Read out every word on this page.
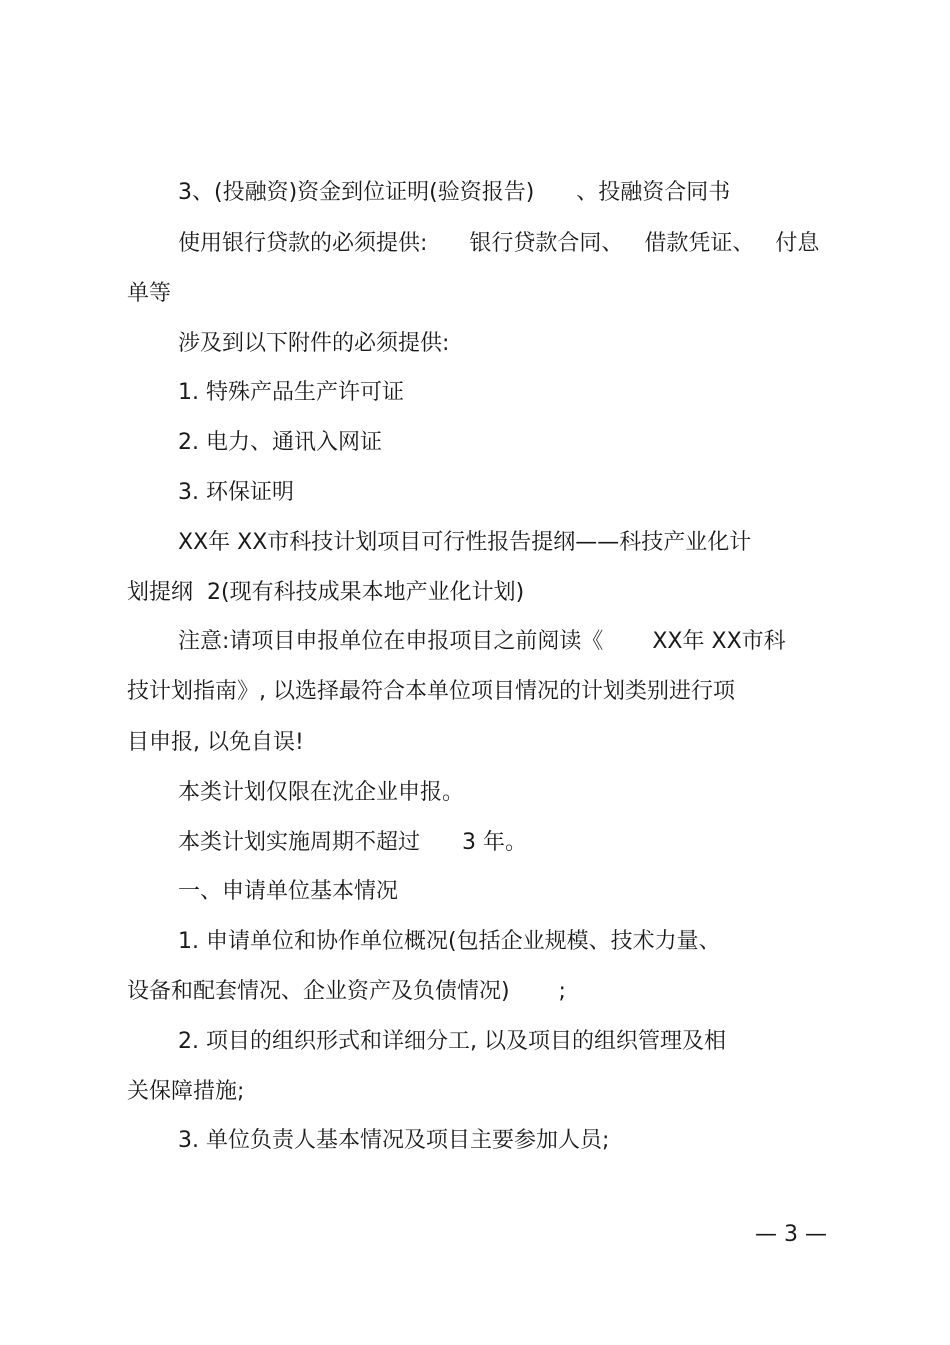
3、(投融资)资金到位证明(验资报告)      、投融资合同书
使用银行贷款的必须提供:      银行贷款合同、   借款凭证、   付息
单等
涉及到以下附件的必须提供:
1. 特殊产品生产许可证
2. 电力、通讯入网证
3. 环保证明
XX年 XX市科技计划项目可行性报告提纲——科技产业化计
划提纲  2(现有科技成果本地产业化计划)
注意:请项目申报单位在申报项目之前阅读《       XX年 XX市科
技计划指南》, 以选择最符合本单位项目情况的计划类别进行项
目申报, 以免自误!
本类计划仅限在沈企业申报。
本类计划实施周期不超过      3 年。
一、申请单位基本情况
1. 申请单位和协作单位概况(包括企业规模、技术力量、
设备和配套情况、企业资产及负债情况)       ;
2. 项目的组织形式和详细分工, 以及项目的组织管理及相
关保障措施;
3. 单位负责人基本情况及项目主要参加人员;
— 3 —
